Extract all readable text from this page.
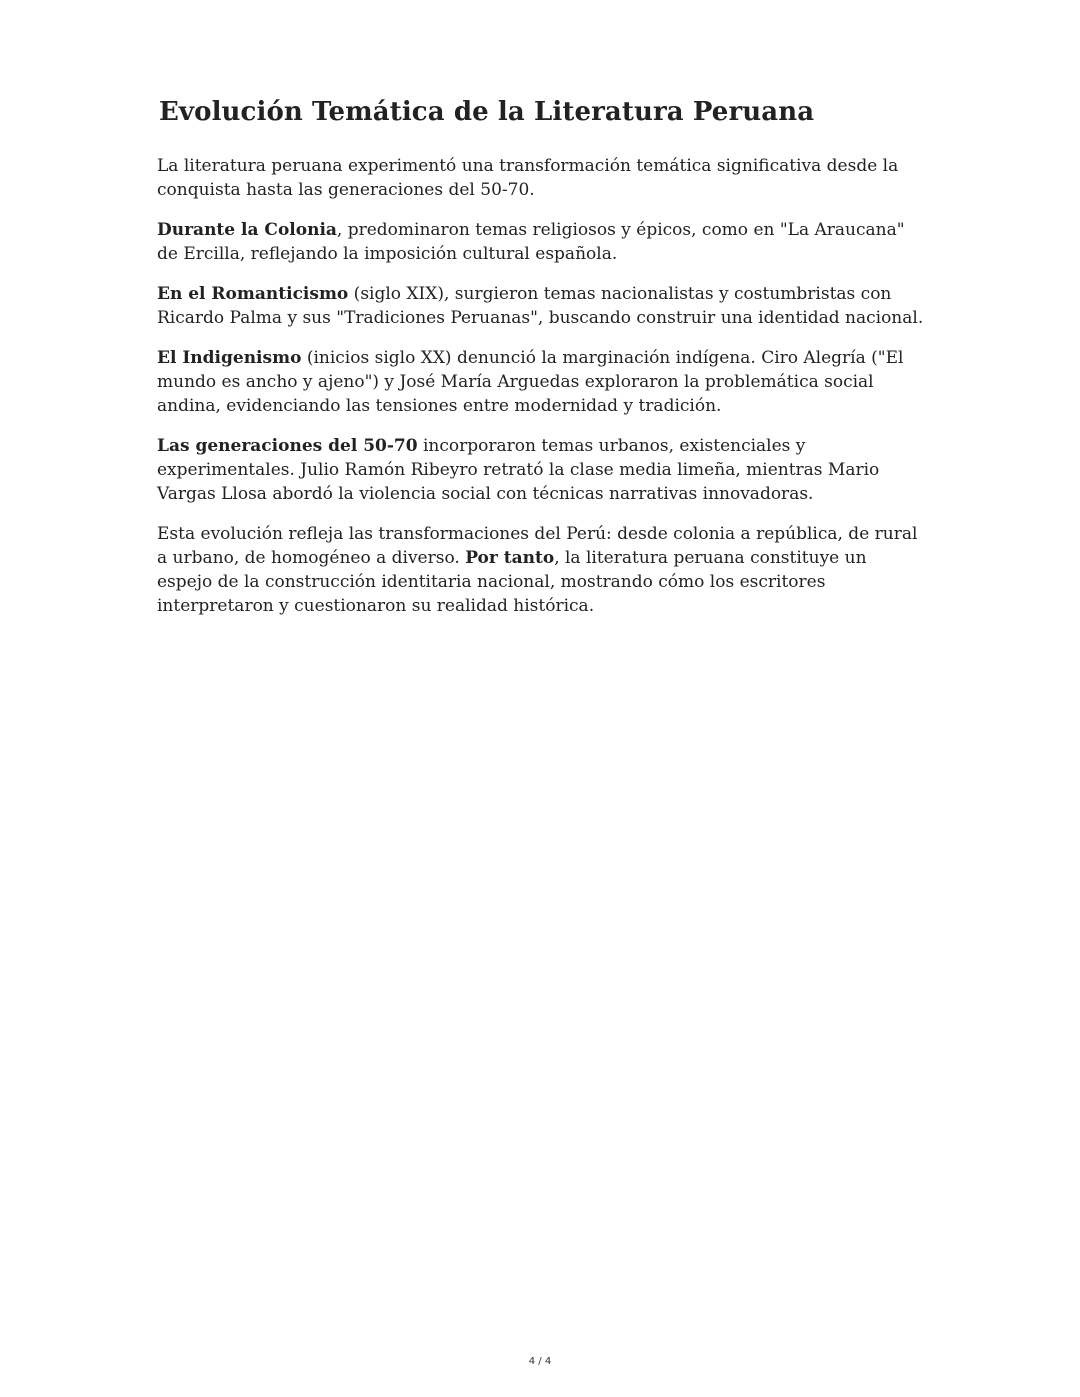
Evolución Temática de la Literatura Peruana

La literatura peruana experimentó una transformación temática significativa desde la conquista hasta las generaciones del 50-70.

Durante la Colonia, predominaron temas religiosos y épicos, como en "La Araucana" de Ercilla, reflejando la imposición cultural española.

En el Romanticismo (siglo XIX), surgieron temas nacionalistas y costumbristas con Ricardo Palma y sus "Tradiciones Peruanas", buscando construir una identidad nacional.

El Indigenismo (inicios siglo XX) denunció la marginación indígena. Ciro Alegría ("El mundo es ancho y ajeno") y José María Arguedas exploraron la problemática social andina, evidenciando las tensiones entre modernidad y tradición.

Las generaciones del 50-70 incorporaron temas urbanos, existenciales y experimentales. Julio Ramón Ribeyro retrató la clase media limeña, mientras Mario Vargas Llosa abordó la violencia social con técnicas narrativas innovadoras.

Esta evolución refleja las transformaciones del Perú: desde colonia a república, de rural a urbano, de homogéneo a diverso. Por tanto, la literatura peruana constituye un espejo de la construcción identitaria nacional, mostrando cómo los escritores interpretaron y cuestionaron su realidad histórica.

4 / 4
